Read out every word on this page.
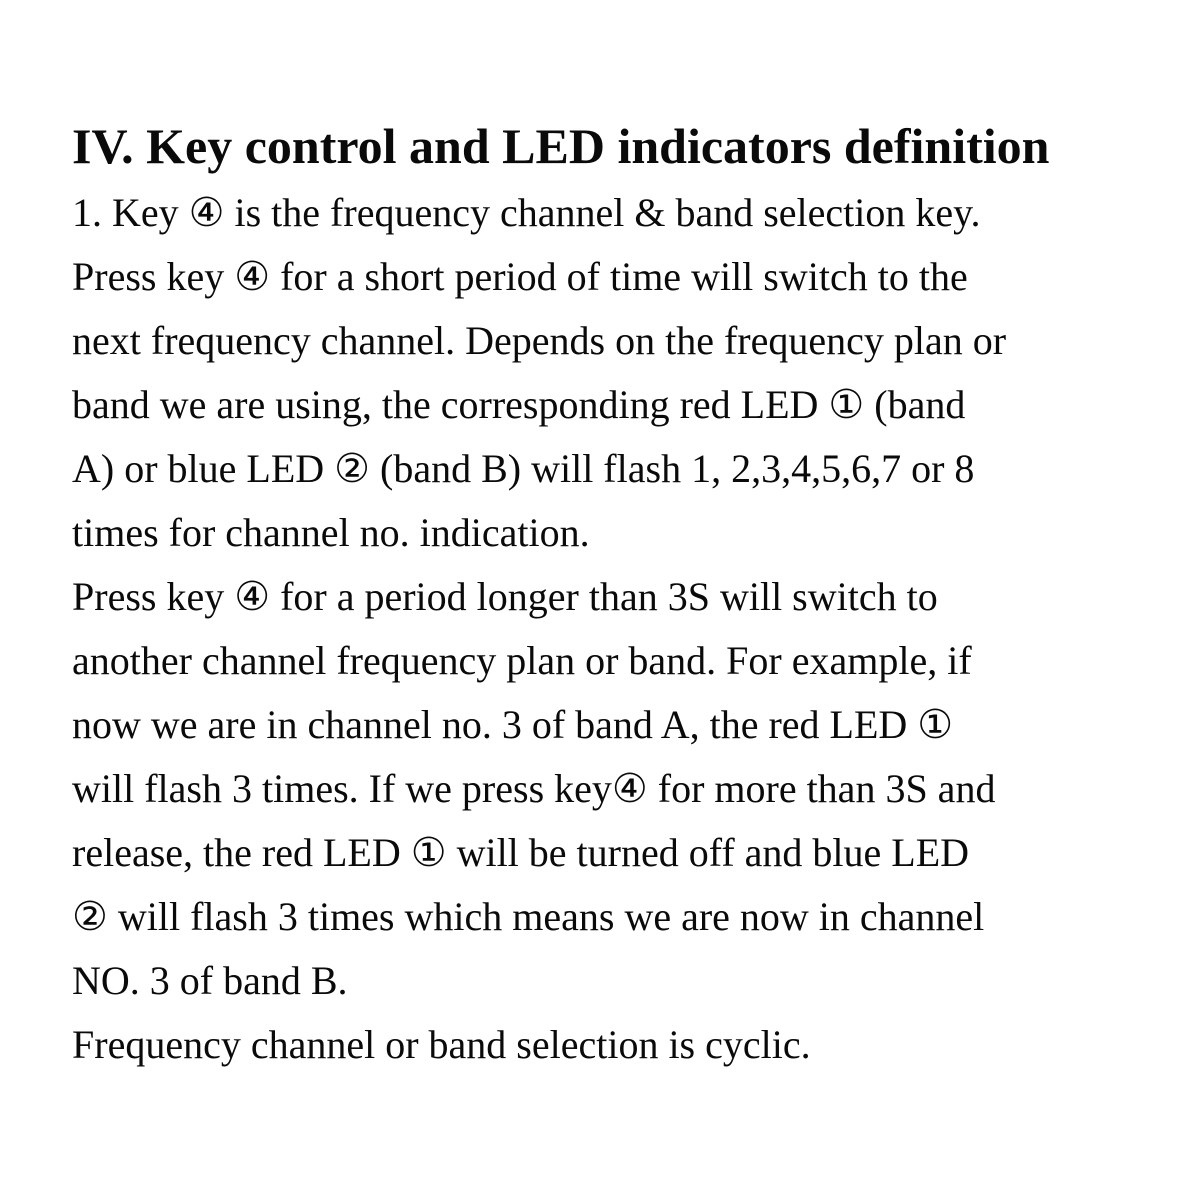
IV. Key control and LED indicators definition

1. Key ④ is the frequency channel & band selection key.

Press key ④ for a short period of time will switch to the

next frequency channel. Depends on the frequency plan or

band we are using, the corresponding red LED ① (band

A) or blue LED ② (band B) will flash 1, 2,3,4,5,6,7 or 8

times for channel no. indication.

Press key ④ for a period longer than 3S will switch to

another channel frequency plan or band. For example, if

now we are in channel no. 3 of band A, the red LED ①

will flash 3 times. If we press key④ for more than 3S and

release, the red LED ① will be turned off and blue LED

② will flash 3 times which means we are now in channel

NO. 3 of band B.

Frequency channel or band selection is cyclic.
